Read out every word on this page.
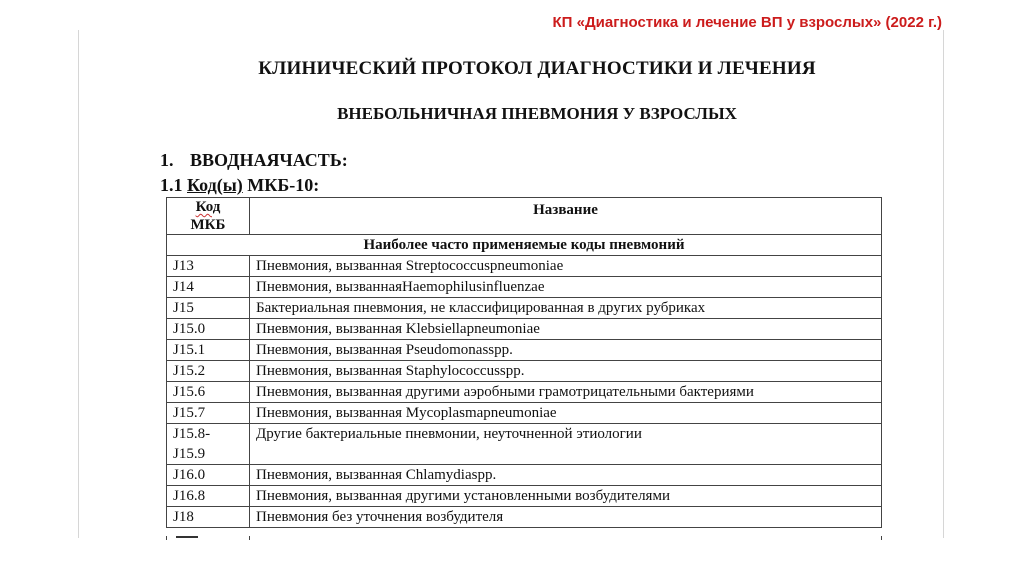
КП «Диагностика и лечение ВП у взрослых» (2022 г.)
КЛИНИЧЕСКИЙ ПРОТОКОЛ ДИАГНОСТИКИ И ЛЕЧЕНИЯ
ВНЕБОЛЬНИЧНАЯ ПНЕВМОНИЯ У ВЗРОСЛЫХ
1. ВВОДНАЯЧАСТЬ:
1.1 Код(ы) МКБ-10:
Код
МКБ	Название
Наиболее часто применяемые коды пневмоний	
J13	Пневмония, вызванная Streptococcuspneumoniae
J14	Пневмония, вызваннаяHaemophilusinfluenzae
J15	Бактериальная пневмония, не классифицированная в других рубриках
J15.0	Пневмония, вызванная Klebsiellapneumoniae
J15.1	Пневмония, вызванная Pseudomonasspp.
J15.2	Пневмония, вызванная Staphylococcusspp.
J15.6	Пневмония, вызванная другими аэробными грамотрицательными бактериями
J15.7	Пневмония, вызванная Mycoplasmapneumoniae
J15.8-
J15.9	Другие бактериальные пневмонии, неуточненной этиологии
J16.0	Пневмония, вызванная Chlamydiaspp.
J16.8	Пневмония, вызванная другими установленными возбудителями
J18	Пневмония без уточнения возбудителя
